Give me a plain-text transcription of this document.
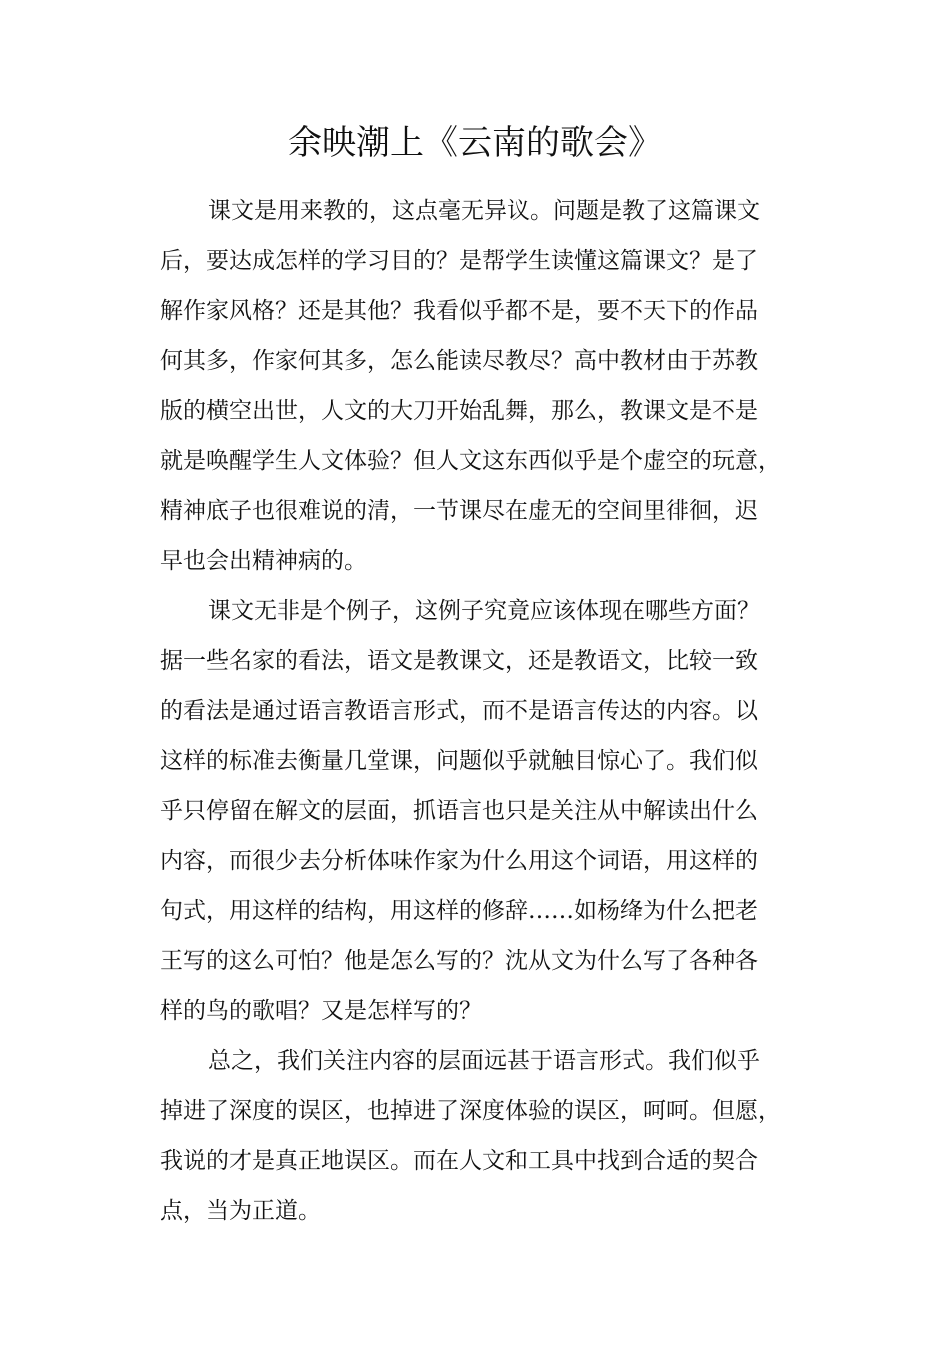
余映潮上《云南的歌会》
课文是用来教的，这点毫无异议。问题是教了这篇课文
后，要达成怎样的学习目的？是帮学生读懂这篇课文？是了
解作家风格？还是其他？我看似乎都不是，要不天下的作品
何其多，作家何其多，怎么能读尽教尽？高中教材由于苏教
版的横空出世，人文的大刀开始乱舞，那么，教课文是不是
就是唤醒学生人文体验？但人文这东西似乎是个虚空的玩意，
精神底子也很难说的清，一节课尽在虚无的空间里徘徊，迟
早也会出精神病的。
课文无非是个例子，这例子究竟应该体现在哪些方面？
据一些名家的看法，语文是教课文，还是教语文，比较一致
的看法是通过语言教语言形式，而不是语言传达的内容。以
这样的标准去衡量几堂课，问题似乎就触目惊心了。我们似
乎只停留在解文的层面，抓语言也只是关注从中解读出什么
内容，而很少去分析体味作家为什么用这个词语，用这样的
句式，用这样的结构，用这样的修辞……如杨绛为什么把老
王写的这么可怕？他是怎么写的？沈从文为什么写了各种各
样的鸟的歌唱？又是怎样写的？
总之，我们关注内容的层面远甚于语言形式。我们似乎
掉进了深度的误区，也掉进了深度体验的误区，呵呵。但愿，
我说的才是真正地误区。而在人文和工具中找到合适的契合
点，当为正道。
